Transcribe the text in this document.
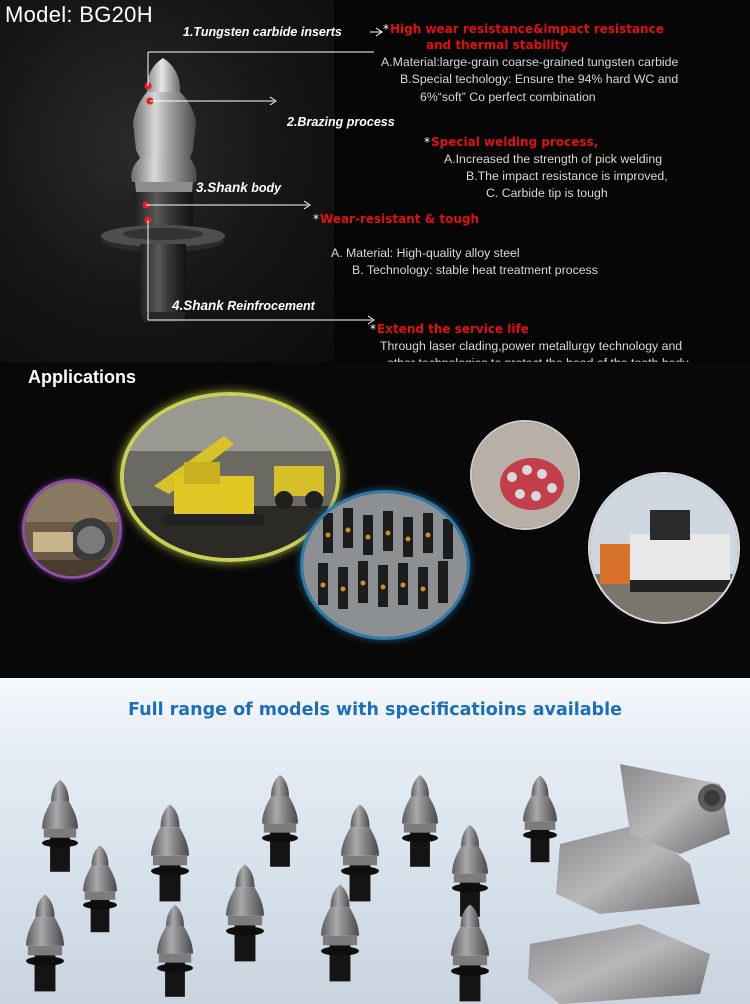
Model: BG20H
1.Tungsten carbide inserts	*High wear resistance&impact resistance
and thermal stability
A.Material:large-grain coarse-grained tungsten carbide
B.Special techology: Ensure the 94% hard WC and
6%“soft” Co perfect combination
2.Brazing process
*Special welding process,
A.Increased the strength of pick welding
B.The impact resistance is improved,
C. Carbide tip is tough
3.Shank body
*Wear-resistant & tough
A. Material: High-quality alloy steel
B. Technology: stable heat treatment process
4.Shank Reinfrocement
*Extend the service life
Through laser clading,power metallurgy technology and
Applications
Full range of models with specificatioins available
